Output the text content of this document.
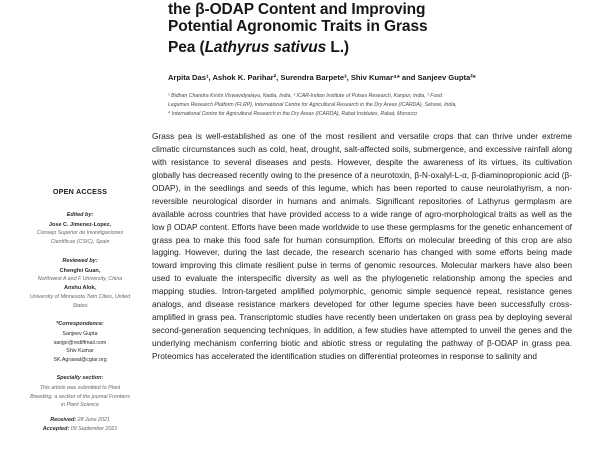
the β-ODAP Content and Improving
Potential Agronomic Traits in Grass
Pea (Lathyrus sativus L.)
Arpita Das¹, Ashok K. Parihar², Surendra Barpete³, Shiv Kumar⁴* and Sanjeev Gupta²*
¹ Bidhan Chandra Krishi Viswavidyalaya, Nadia, India, ² ICAR-Indian Institute of Pulses Research, Kanpur, India, ³ Food
Legumes Research Platform (FLRP), International Centre for Agricultural Research in the Dry Areas (ICARDA), Sehore, India,
⁴ International Centre for Agricultural Research in the Dry Areas (ICARDA), Rabat Institutes, Rabat, Morocco
OPEN ACCESS
Edited by:
Jose C. Jimenez-Lopez,
Consejo Superior de Investigaciones Científicas (CSIC), Spain
Reviewed by:
Chengfei Guan,
Northwest A and F University, China
Anshu Alok,
University of Minnesota Twin Cities, United States
*Correspondence:
Sanjeev Gupta
sanjpr@rediffmail.com
Shiv Kumar
SK.Agrawal@cgiar.org
Specialty section:
This article was submitted to Plant Breeding, a section of the journal Frontiers in Plant Science
Received: 28 June 2021
Accepted: 09 September 2021

Grass pea is well-established as one of the most resilient and versatile crops that can thrive under extreme climatic circumstances such as cold, heat, drought, salt-affected soils, submergence, and excessive rainfall along with resistance to several diseases and pests. However, despite the awareness of its virtues, its cultivation globally has decreased recently owing to the presence of a neurotoxin, β-N-oxalyl-L-α, β-diaminopropionic acid (β-ODAP), in the seedlings and seeds of this legume, which has been reported to cause neurolathyrism, a non-reversible neurological disorder in humans and animals. Significant repositories of Lathyrus germplasm are available across countries that have provided access to a wide range of agro-morphological traits as well as the low β ODAP content. Efforts have been made worldwide to use these germplasms for the genetic enhancement of grass pea to make this food safe for human consumption. Efforts on molecular breeding of this crop are also lagging. However, during the last decade, the research scenario has changed with some efforts being made toward improving this climate resilient pulse in terms of genomic resources. Molecular markers have also been used to evaluate the interspecific diversity as well as the phylogenetic relationship among the species and mapping studies. Intron-targeted amplified polymorphic, genomic simple sequence repeat, resistance genes analogs, and disease resistance markers developed for other legume species have been successfully cross-amplified in grass pea. Transcriptomic studies have recently been undertaken on grass pea by deploying several second-generation sequencing techniques. In addition, a few studies have attempted to unveil the genes and the underlying mechanism conferring biotic and abiotic stress or regulating the pathway of β-ODAP in grass pea. Proteomics has accelerated the identification studies on differential proteomes in response to salinity and
